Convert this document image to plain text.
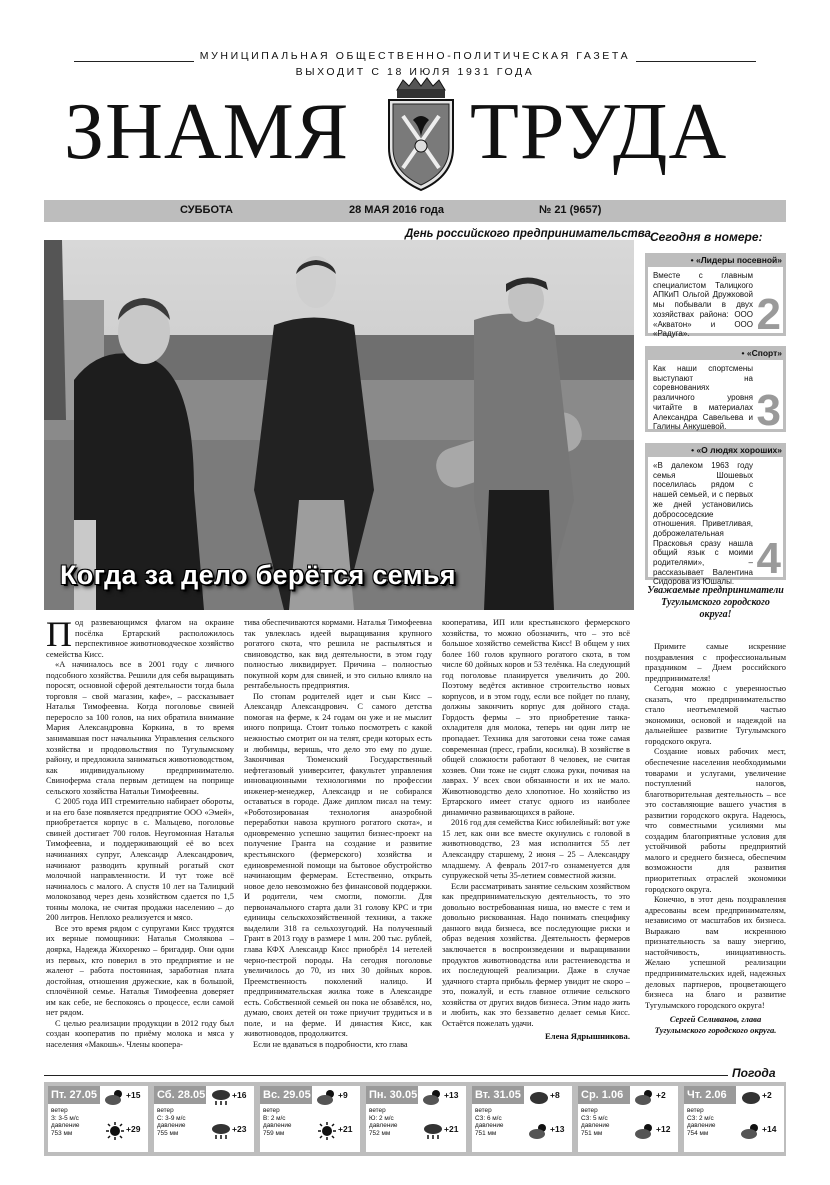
МУНИЦИПАЛЬНАЯ ОБЩЕСТВЕННО-ПОЛИТИЧЕСКАЯ ГАЗЕТА
ВЫХОДИТ С 18 ИЮЛЯ 1931 ГОДА
ЗНАМЯ ТРУДА
СУББОТА	28 МАЯ 2016 года	№ 21 (9657)
День российского предпринимательства Сегодня в номере:
Когда за дело берётся семья

Под развевающимся флагом на окраине посёлка Ертарский расположилось перспективное животноводческое хозяйство семейства Кисс.

«А начиналось все в 2001 году с личного подсобного хозяйства. Решили для себя выращивать поросят, основной сферой деятельности тогда была торговля – свой магазин, кафе», – рассказывает Наталья Тимофеевна. Когда поголовье свиней переросло за 100 голов, на них обратила внимание Мария Александровна Коркина, в то время занимавшая пост начальника Управления сельского хозяйства и продовольствия по Тугулымскому району, и предложила заниматься животноводством, как индивидуальному предпринимателю. Свиноферма стала первым детищем на поприще сельского хозяйства Натальи Тимофеевны.

С 2005 года ИП стремительно набирает обороты, и на его базе появляется предприятие ООО «Эмей», приобретается корпус в с. Мальцево, поголовье свиней достигает 700 голов. Неугомонная Наталья Тимофеевна, и поддерживающий её во всех начинаниях супруг, Александр Александрович, начинают разводить крупный рогатый скот молочной направленности. И тут тоже всё начиналось с малого. А спустя 10 лет на Талицкий молокозавод через день хозяйством сдается по 1,5 тонны молока, не считая продажи населению – до 200 литров. Неплохо реализуется и мясо.

Все это время рядом с супругами Кисс трудятся их верные помощники: Наталья Смолякова – доярка, Надежда Жихоренко – бригадир. Они одни из первых, кто поверил в это предприятие и не жалеют – работа постоянная, заработная плата достойная, отношения дружеские, как в большой, сплочённой семье. Наталья Тимофеевна доверяет им как себе, не беспокоясь о процессе, если самой нет рядом.

С целью реализации продукции в 2012 году был создан кооператив по приёму молока и мяса у населения «Макошь». Члены коопера-

тива обеспечиваются кормами. Наталья Тимофеевна так увлеклась идеей выращивания крупного рогатого скота, что решила не распыляться и свиноводство, как вид деятельности, в этом году полностью ликвидирует. Причина – полностью покупной корм для свиней, и это сильно влияло на рентабельность предприятия.

По стопам родителей идет и сын Кисс – Александр Александрович. С самого детства помогая на ферме, к 24 годам он уже и не мыслит иного поприща. Стоит только посмотреть с какой нежностью смотрит он на телят, среди которых есть и любимцы, веришь, что дело это ему по душе. Закончивая Тюменский Государственный нефтегазовый университет, факультет управления инновационными технологиями по профессии инженер-менеджер, Александр и не собирался оставаться в городе. Даже диплом писал на тему: «Роботозированая технология анаэробной переработки навоза крупного рогатого скота», и одновременно успешно защитил бизнес-проект на получение Гранта на создание и развитие крестьянского (фермерского) хозяйства и единовременной помощи на бытовое обустройство начинающим фермерам. Естественно, открыть новое дело невозможно без финансовой поддержки. И родители, чем смогли, помогли. Для первоначального старта дали 31 голову КРС и три единицы сельскохозяйственной техники, а также выделили 318 га сельхозугодий. На полученный Грант в 2013 году в размере 1 млн. 200 тыс. рублей, глава КФХ Александр Кисс приобрёл 14 нетелей черно-пестрой породы. На сегодня поголовье увеличилось до 70, из них 30 дойных коров. Преемственность поколений налицо. И предпринимательская жилка тоже в Александре есть. Собственной семьей он пока не обзавёлся, но, думаю, своих детей он тоже приучит трудиться и в поле, и на ферме. И династия Кисс, как животноводов, продолжится.

Если не вдаваться в подробности, кто глава

кооператива, ИП или крестьянского фермерского хозяйства, то можно обозначить, что – это всё большое хозяйство семейства Кисс! В общем у них более 160 голов крупного рогатого скота, в том числе 60 дойных коров и 53 телёнка. На следующий год поголовье планируется увеличить до 200. Поэтому ведётся активное строительство новых корпусов, и в этом году, если все пойдет по плану, должны закончить корпус для дойного стада. Гордость фермы – это приобретение танка-охладителя для молока, теперь ни один литр не пропадает. Техника для заготовки сена тоже самая современная (пресс, грабли, косилка). В хозяйстве в общей сложности работают 8 человек, не считая хозяев. Они тоже не сидят сложа руки, почивая на лаврах. У всех свои обязанности и их не мало. Животноводство дело хлопотное. Но хозяйство из Ертарского имеет статус одного из наиболее динамично развивающихся в районе.

2016 год для семейства Кисс юбилейный: вот уже 15 лет, как они все вместе окунулись с головой в животноводство, 23 мая исполнится 55 лет Александру старшему, 2 июня – 25 – Александру младшему. А февраль 2017-го ознаменуется для супружеской четы 35-летием совместной жизни.

Если рассматривать занятие сельским хозяйством как предпринимательскую деятельность, то это довольно востребованная ниша, но вместе с тем и довольно рискованная. Надо понимать специфику данного вида бизнеса, все последующие риски и образ ведения хозяйства. Деятельность фермеров заключается в воспроизведении и выращивании продуктов животноводства или растениеводства и их последующей реализации. Даже в случае удачного старта прибыль фермер увидит не скоро – это, пожалуй, и есть главное отличие сельского хозяйства от других видов бизнеса. Этим надо жить и любить, как это беззаветно делает семья Кисс. Остаётся пожелать удачи.

Елена Ядрышникова.
• «Лидеры посевной»
Вместе с главным специалистом Талицкого АПКиП Ольгой Дружковой мы побывали в двух хозяйствах района: ООО «Акватон» и ООО «Радуга».	2
• «Спорт»
Как наши спортсмены выступают на соревнованиях различного уровня читайте в материалах Александра Савельева и Галины Анкушевой. 3
• «О людях хороших»
«В далеком 1963 году семья Шошевых поселилась рядом с нашей семьей, и с первых же дней установились добрососедские отношения. Приветливая, доброжелательная Прасковья сразу нашла общий язык с моими родителями», – рассказывает Валентина Сидорова из Юшалы. 4
Уважаемые предприниматели Тугулымского городского округа!

Примите самые искренние поздравления с профессиональным праздником – Днем российского предпринимателя!

Сегодня можно с уверенностью сказать, что предпринимательство стало неотъемлемой частью экономики, основой и надеждой на дальнейшее развитие Тугулымского городского округа.

Создание новых рабочих мест, обеспечение населения необходимыми товарами и услугами, увеличение поступлений налогов, благотворительная деятельность – все это составляющие вашего участия в развитии городского округа. Надеюсь, что совместными усилиями мы создадим благоприятные условия для устойчивой работы предприятий малого и среднего бизнеса, обеспечим возможности для развития приоритетных отраслей экономики городского округа.

Конечно, в этот день поздравления адресованы всем предпринимателям, независимо от масштабов их бизнеса. Выражаю вам искреннюю признательность за вашу энергию, настойчивость, инициативность. Желаю успешной реализации предпринимательских идей, надежных деловых партнеров, процветающего бизнеса на благо и развитие Тугулымского городского округа!

Сергей Селиванов, глава Тугулымского городского округа.
Погода
Пт. 27.05
ветер
З: 3-5 м/с
давление
753 мм
+15
+29
Сб. 28.05
ветер
С: 3-9 м/с
давление
755 мм
+16
+23
Вс. 29.05
ветер
В: 2 м/с
давление
759 мм
+9
+21
Пн. 30.05
ветер
Ю: 2 м/с
давление
752 мм
+13
+21
Вт. 31.05
ветер
СЗ: 6 м/с
давление
751 мм
+8
+13
Ср. 1.06
ветер
СЗ: 5 м/с
давление
751 мм
+2
+12
Чт. 2.06
ветер
СЗ: 2 м/с
давление
754 мм
+2
+14
